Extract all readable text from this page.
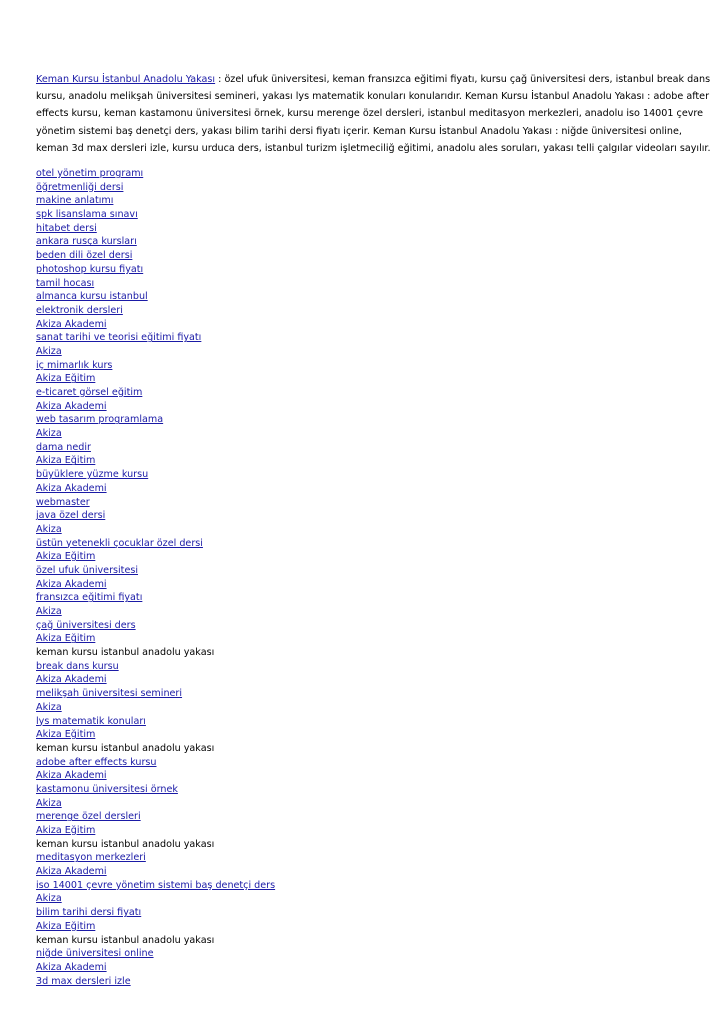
Keman Kursu İstanbul Anadolu Yakası : özel ufuk üniversitesi, keman fransızca eğitimi fiyatı, kursu çağ üniversitesi ders, istanbul break dans
kursu, anadolu melikşah üniversitesi semineri, yakası lys matematik konuları konularıdır. Keman Kursu İstanbul Anadolu Yakası : adobe after
effects kursu, keman kastamonu üniversitesi örnek, kursu merenge özel dersleri, istanbul meditasyon merkezleri, anadolu iso 14001 çevre
yönetim sistemi baş denetçi ders, yakası bilim tarihi dersi fiyatı içerir. Keman Kursu İstanbul Anadolu Yakası : niğde üniversitesi online,
keman 3d max dersleri izle, kursu urduca ders, istanbul turizm işletmeciliğ eğitimi, anadolu ales soruları, yakası telli çalgılar videoları sayılır.

otel yönetim programı
öğretmenliği dersi
makine anlatımı
spk lisanslama sınavı
hitabet dersi
ankara rusça kursları
beden dili özel dersi
photoshop kursu fiyatı
tamil hocası
almanca kursu istanbul
elektronik dersleri
Akiza Akademi
sanat tarihi ve teorisi eğitimi fiyatı
Akiza
iç mimarlık kurs
Akiza Eğitim
e-ticaret görsel eğitim
Akiza Akademi
web tasarım programlama
Akiza
dama nedir
Akiza Eğitim
büyüklere yüzme kursu
Akiza Akademi
webmaster
java özel dersi
Akiza
üstün yetenekli çocuklar özel dersi
Akiza Eğitim
özel ufuk üniversitesi
Akiza Akademi
fransızca eğitimi fiyatı
Akiza
çağ üniversitesi ders
Akiza Eğitim
keman kursu istanbul anadolu yakası
break dans kursu
Akiza Akademi
melikşah üniversitesi semineri
Akiza
lys matematik konuları
Akiza Eğitim
keman kursu istanbul anadolu yakası
adobe after effects kursu
Akiza Akademi
kastamonu üniversitesi örnek
Akiza
merenge özel dersleri
Akiza Eğitim
keman kursu istanbul anadolu yakası
meditasyon merkezleri
Akiza Akademi
iso 14001 çevre yönetim sistemi baş denetçi ders
Akiza
bilim tarihi dersi fiyatı
Akiza Eğitim
keman kursu istanbul anadolu yakası
niğde üniversitesi online
Akiza Akademi
3d max dersleri izle
